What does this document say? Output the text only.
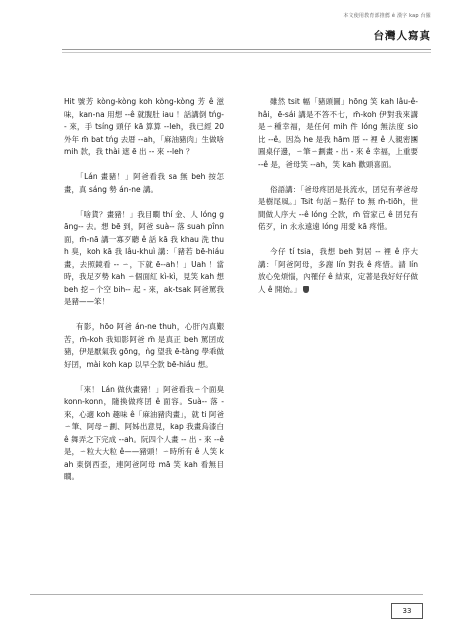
本文使用教育部推薦 ê 漢字 kap 台羅
台灣人寫真

Hit 號芳 kòng-kòng koh kòng-kòng 芳 ê 滋味，kan-na 用想 --ê 就腹肚 iau ！話講倒 tńg-- 來，手 tsíng 頭仔 kā 算算 --leh，我已經 20 外年 m̄ bat tńg 去厝 --ah，「麻油豬肉」生做啥 mih 款，我 thài 遮 ē 出 -- 來 --leh ？

「Lán 畫豬！」阿爸看我 sa 無 beh 按怎畫，真 sáng 勢 án-ne 講。

「啥貨？畫豬！」我目瞷 thí 金、人 lóng gāng-- 去。想 bē 到，阿爸 suà-- 落 suah pînn 面，m̄-nā 講一寡歹聽 ê 話 kā 我 khau 洗 thuh 臭，koh kā 我 lâu-khuì 講：「豬若 bē-hiáu 畫，去照鏡看 -- ㄧ，下就 ē--ah！」Uah ！當時，我足歹勢 kah ㄧ個面紅 kì-kì，見笑 kah 想 beh 挖ㄧ个空 bih-- 起 - 來，ak-tsak 阿爸罵我是豬——笨！

有影，hōo 阿爸 án-ne thuh，心肝內真艱苦，m̄-koh 我知影阿爸 m̄ 是真正 beh 罵囝成豬，伊是厭氣我 gōng，ǹg 望我 ē-tàng 學乖做好囝，mài koh kap 以早仝款 bē-hiáu 想。

「來！ Lán 做伙畫豬！」阿爸看我ㄧ个面臭 konn-konn，隨換做疼囝 ê 面容。Suà-- 落 - 來，心適 koh 趣味 ê「麻油豬肉畫」，就 ti 阿爸ㄧ筆、阿母ㄧ劃、阿姊出意見，kap 我畫烏漆白 ê 舞弄之下完成 --ah。阮四个人畫 -- 出 - 來 --ê 是，ㄧ粒大大粒 ê——豬頭！ㄧ時所有 ê 人笑 kah 東倒西歪，連阿爸阿母 mā 笑 kah 看無目瞷。

雖然 tsit 幅「豬頭圖」hōng 笑 kah lâu-ê-hâi，ē-sái 講是不答不七，m̄-koh 伊對我來講是ㄧ種幸福，是任何 mih 件 lóng 無法度 sio 比 --ê。因為 he 是我 hām 厝 -- 裡 ê 人親密團圓桌仔邊，ㄧ筆ㄧ劃畫 - 出 - 來 ê 幸福，上重要 --ê 是，爸母笑 --ah，笑 kah 歡頭喜面。

俗語講：「爸母疼囝是長流水，囝兒有孝爸母是樹尾風。」Tsit 句話ㄧ點仔 to 無 m̄-tiōh，世間做人序大 --ê lóng 仝款，m̄ 管家己 ê 囝兒有偌歹，in 永永遠遠 lóng 用愛 kā 疼惜。

今仔 tí tsia，我想 beh 對居 -- 裡 ê 序大講：「阿爸阿母，多謝 lín 對我 ê 疼惜。請 lín 放心免煩惱，內罹仔 ê 結束，定著是我好好仔做人 ê 開始。」

33
